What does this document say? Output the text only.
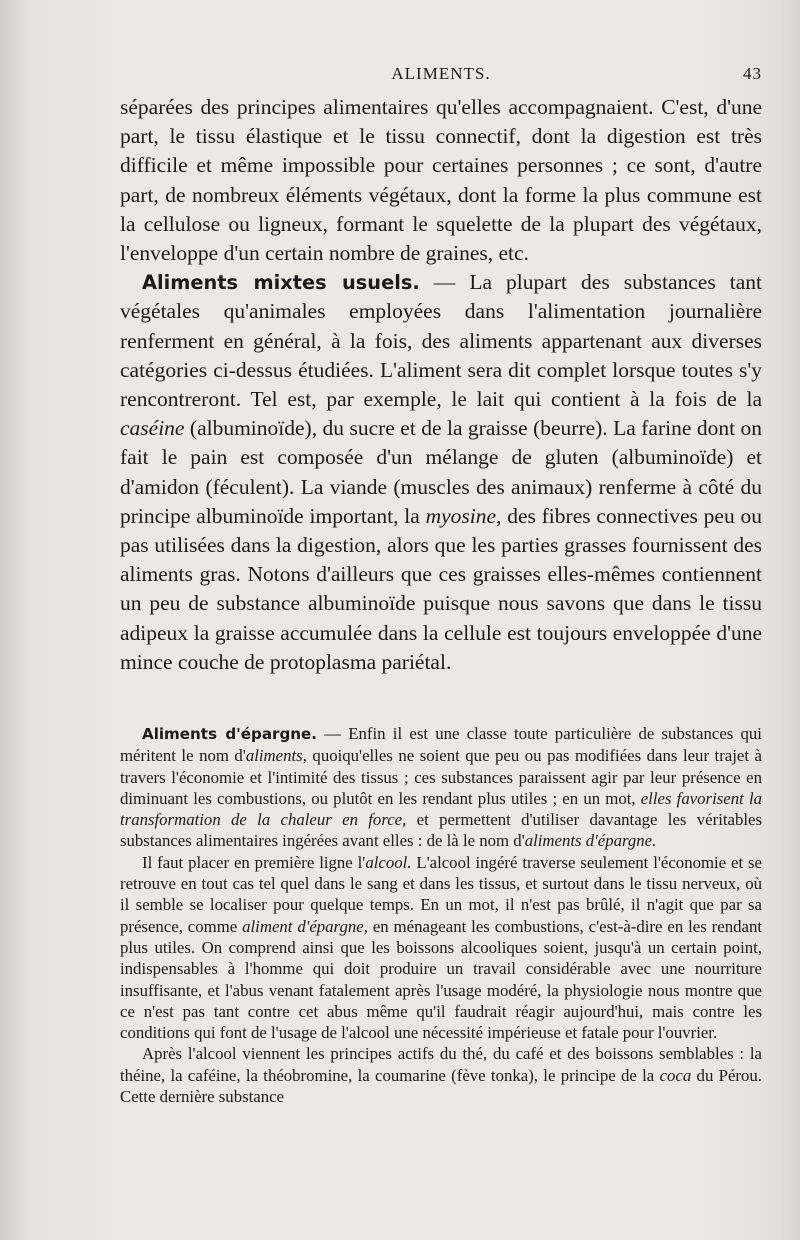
ALIMENTS.	43

séparées des principes alimentaires qu'elles accompagnaient. C'est, d'une part, le tissu élastique et le tissu connectif, dont la digestion est très difficile et même impossible pour certaines personnes ; ce sont, d'autre part, de nombreux éléments végétaux, dont la forme la plus commune est la cellulose ou ligneux, formant le squelette de la plupart des végétaux, l'enveloppe d'un certain nombre de graines, etc.

Aliments mixtes usuels. — La plupart des substances tant végétales qu'animales employées dans l'alimentation journalière renferment en général, à la fois, des aliments appartenant aux diverses catégories ci-dessus étudiées. L'aliment sera dit complet lorsque toutes s'y rencontreront. Tel est, par exemple, le lait qui contient à la fois de la caséine (albuminoïde), du sucre et de la graisse (beurre). La farine dont on fait le pain est composée d'un mélange de gluten (albuminoïde) et d'amidon (féculent). La viande (muscles des animaux) renferme à côté du principe albuminoïde important, la myosine, des fibres connectives peu ou pas utilisées dans la digestion, alors que les parties grasses fournissent des aliments gras. Notons d'ailleurs que ces graisses elles-mêmes contiennent un peu de substance albuminoïde puisque nous savons que dans le tissu adipeux la graisse accumulée dans la cellule est toujours enveloppée d'une mince couche de protoplasma pariétal.

Aliments d'épargne. — Enfin il est une classe toute particulière de substances qui méritent le nom d'aliments, quoiqu'elles ne soient que peu ou pas modifiées dans leur trajet à travers l'économie et l'intimité des tissus ; ces substances paraissent agir par leur présence en diminuant les combustions, ou plutôt en les rendant plus utiles ; en un mot, elles favorisent la transformation de la chaleur en force, et permettent d'utiliser davantage les véritables substances alimentaires ingérées avant elles : de là le nom d'aliments d'épargne.

Il faut placer en première ligne l'alcool. L'alcool ingéré traverse seulement l'économie et se retrouve en tout cas tel quel dans le sang et dans les tissus, et surtout dans le tissu nerveux, où il semble se localiser pour quelque temps. En un mot, il n'est pas brûlé, il n'agit que par sa présence, comme aliment d'épargne, en ménageant les combustions, c'est-à-dire en les rendant plus utiles. On comprend ainsi que les boissons alcooliques soient, jusqu'à un certain point, indispensables à l'homme qui doit produire un travail considérable avec une nourriture insuffisante, et l'abus venant fatalement après l'usage modéré, la physiologie nous montre que ce n'est pas tant contre cet abus même qu'il faudrait réagir aujourd'hui, mais contre les conditions qui font de l'usage de l'alcool une nécessité impérieuse et fatale pour l'ouvrier.

Après l'alcool viennent les principes actifs du thé, du café et des boissons semblables : la théine, la caféine, la théobromine, la coumarine (fève tonka), le principe de la coca du Pérou. Cette dernière substance
